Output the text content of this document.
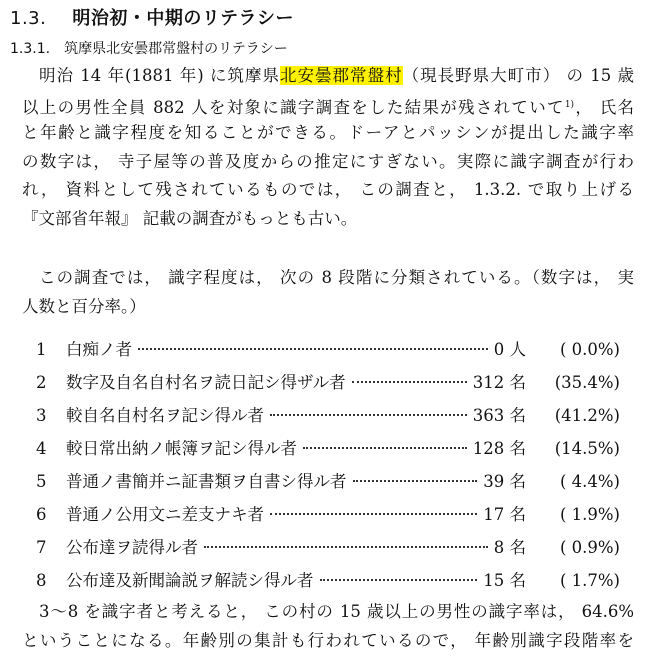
1.3. 明治初・中期のリテラシー
1.3.1. 筑摩県北安曇郡常盤村のリテラシー
明治 14 年(1881 年) に筑摩県北安曇郡常盤村（現長野県大町市） の 15 歳
以上の男性全員 882 人を対象に識字調査をした結果が残されていて$^{1)}$， 氏名
と年齢と識字程度を知ることができる。ドーアとパッシンが提出した識字率
の数字は， 寺子屋等の普及度からの推定にすぎない。実際に識字調査が行わ
れ， 資料として残されているものでは， この調査と， 1.3.2. で取り上げる
『文部省年報』 記載の調査がもっとも古い。
この調査では， 識字程度は， 次の 8 段階に分類されている。（数字は， 実
人数と百分率。）
1	白痴ノ者	0 人	( 0.0%)
2	数字及自名自村名ヲ読日記シ得ザル者	312 名	(35.4%)
3	較自名自村名ヲ記シ得ル者	363 名	(41.2%)
4	較日常出納ノ帳簿ヲ記シ得ル者	128 名	(14.5%)
5	普通ノ書簡并ニ証書類ヲ自書シ得ル者	39 名	( 4.4%)
6	普通ノ公用文ニ差支ナキ者	17 名	( 1.9%)
7	公布達ヲ読得ル者	8 名	( 0.9%)
8	公布達及新聞論説ヲ解読シ得ル者	15 名	( 1.7%)
3～8 を識字者と考えると， この村の 15 歳以上の男性の識字率は， 64.6%
ということになる。年齢別の集計も行われているので， 年齢別識字段階率を
